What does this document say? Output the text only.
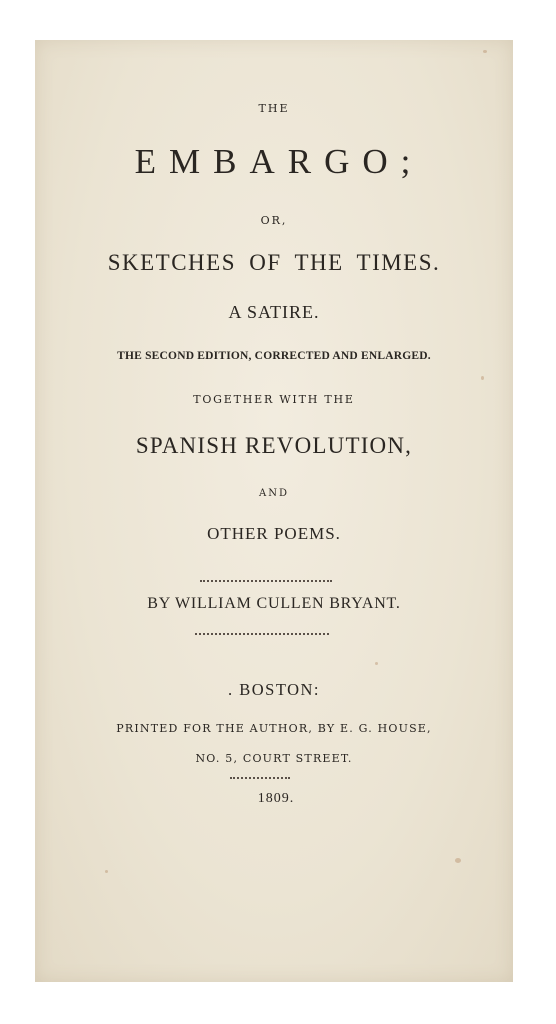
THE
EMBARGO;
OR,
SKETCHES OF THE TIMES.
A SATIRE.
THE SECOND EDITION, CORRECTED AND ENLARGED.
TOGETHER WITH THE
SPANISH REVOLUTION,
AND
OTHER POEMS.
BY WILLIAM CULLEN BRYANT.
. BOSTON:
PRINTED FOR THE AUTHOR, BY E. G. HOUSE,
NO. 5, COURT STREET.
1809.
